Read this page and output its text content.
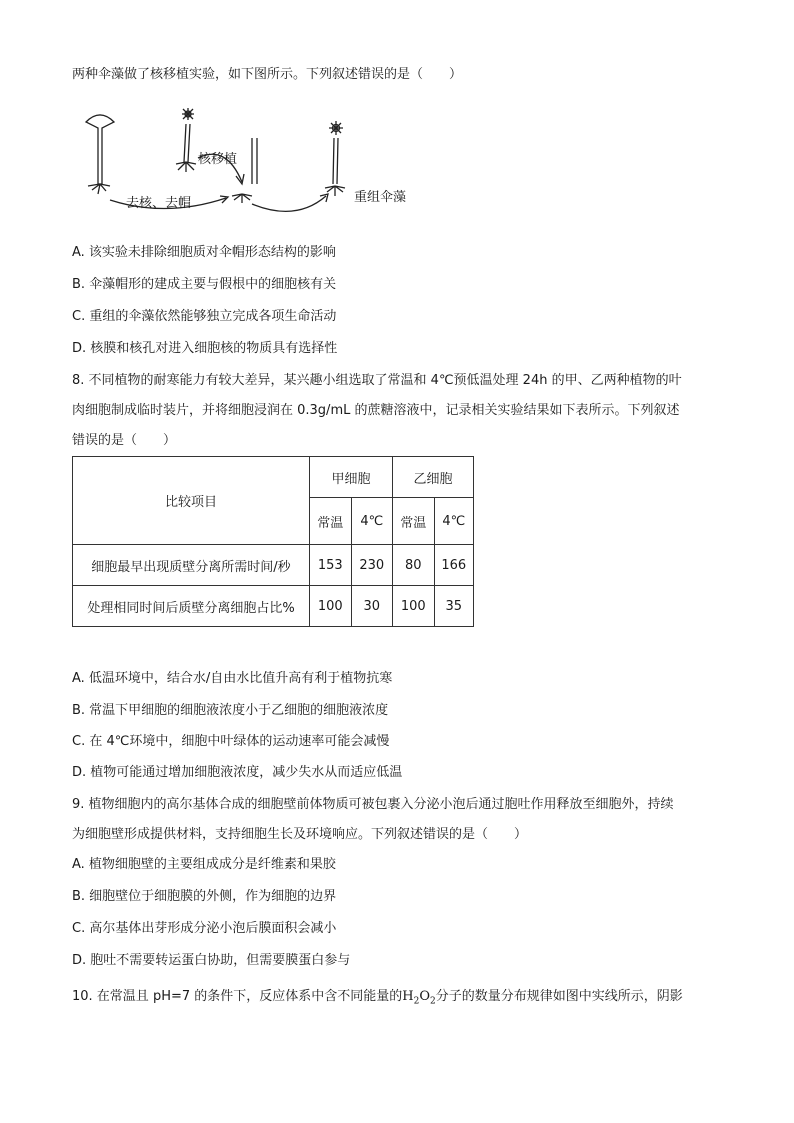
两种伞藻做了核移植实验，如下图所示。下列叙述错误的是（　　）
核移植
去核、去帽	重组伞藻
A. 该实验未排除细胞质对伞帽形态结构的影响
B. 伞藻帽形的建成主要与假根中的细胞核有关
C. 重组的伞藻依然能够独立完成各项生命活动
D. 核膜和核孔对进入细胞核的物质具有选择性
8. 不同植物的耐寒能力有较大差异，某兴趣小组选取了常温和 4℃预低温处理 24h 的甲、乙两种植物的叶
肉细胞制成临时装片，并将细胞浸润在 0.3g/mL 的蔗糖溶液中，记录相关实验结果如下表所示。下列叙述
错误的是（　　）
比较项目	甲细胞		乙细胞	
	常温	4℃	常温	4℃
细胞最早出现质壁分离所需时间/秒	153	230	80	166
处理相同时间后质壁分离细胞占比%	100	30	100	35
A. 低温环境中，结合水/自由水比值升高有利于植物抗寒
B. 常温下甲细胞的细胞液浓度小于乙细胞的细胞液浓度
C. 在 4℃环境中，细胞中叶绿体的运动速率可能会减慢
D. 植物可能通过增加细胞液浓度，减少失水从而适应低温
9. 植物细胞内的高尔基体合成的细胞壁前体物质可被包裹入分泌小泡后通过胞吐作用释放至细胞外，持续
为细胞壁形成提供材料，支持细胞生长及环境响应。下列叙述错误的是（　　）
A. 植物细胞壁的主要组成成分是纤维素和果胶
B. 细胞壁位于细胞膜的外侧，作为细胞的边界
C. 高尔基体出芽形成分泌小泡后膜面积会减小
D. 胞吐不需要转运蛋白协助，但需要膜蛋白参与
10. 在常温且 pH=7 的条件下，反应体系中含不同能量的$H_2O_2$分子的数量分布规律如图中实线所示，阴影
